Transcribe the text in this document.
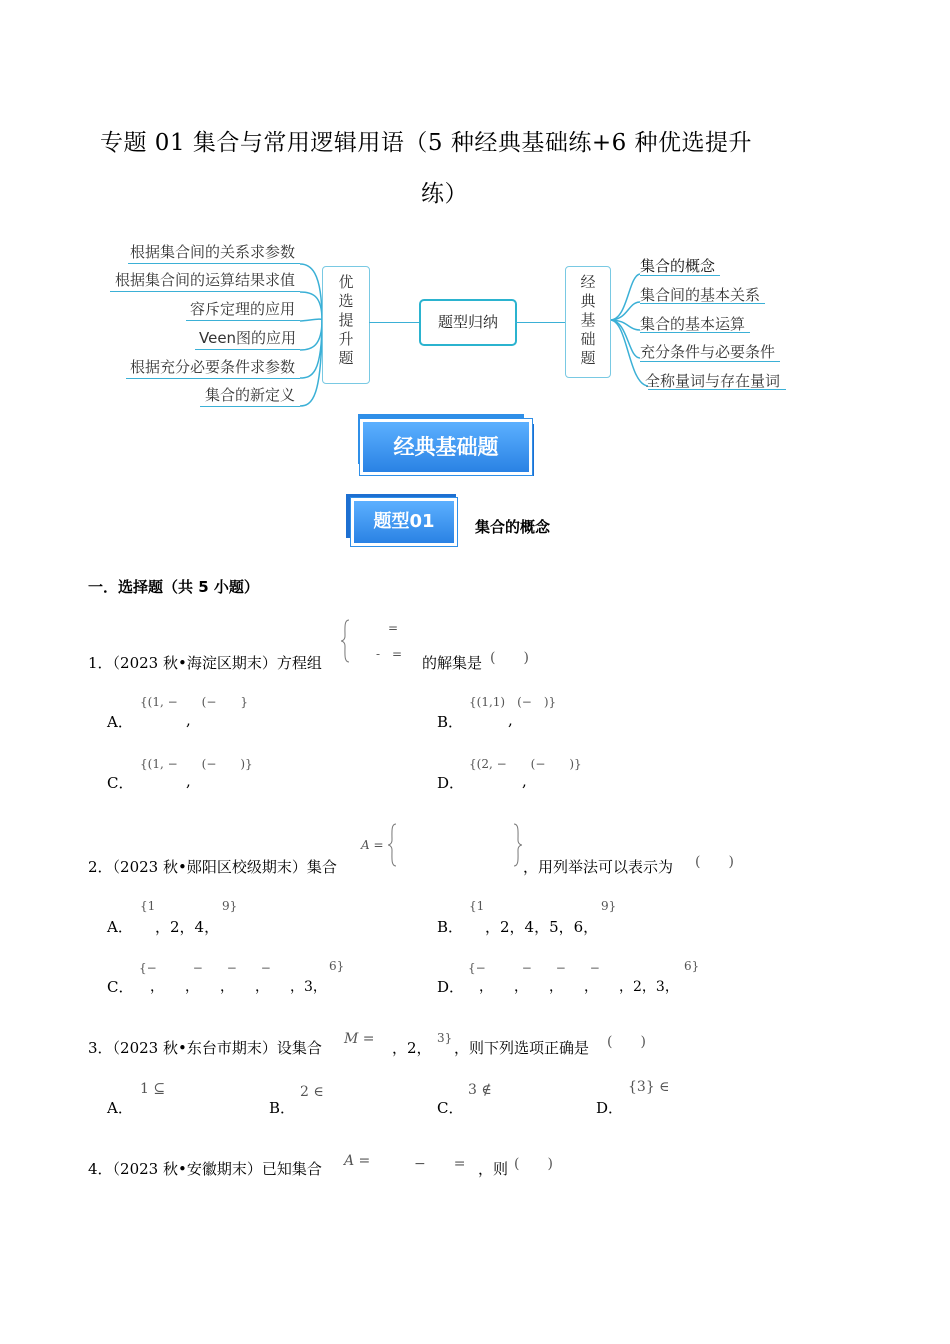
专题 01 集合与常用逻辑用语（5 种经典基础练+6 种优选提升
练）
根据集合间的关系求参数
根据集合间的运算结果求值
容斥定理的应用
Veen图的应用
根据充分必要条件求参数
集合的新定义
优
选
提
升
题
题型归纳
经
典
基
础
题
集合的概念
集合间的基本关系
集合的基本运算
充分条件与必要条件
全称量词与存在量词
经典基础题
题型01	集合的概念
一．选择题（共 5 小题）
1．（2023 秋•海淀区期末）方程组
=
-　= 的解集是 (　　)
A．
{(1, −　　(−　　}
,	B．
{(1,1)　(−　)}
,
C．
{(1, −　　(−　　)}
,	D．
{(2, −　　(−　　)}
,
2．（2023 秋•郧阳区校级期末）集合
A =
，用列举法可以表示为 (　　)
A．
{1
，2，4，
9}
B．
{1
，2，4，5，6，
9}
C．
{−　　　−　　−　　−
，　　，　　，　　，　　，3，
6}
D．
{−　　　−　　−　　−
，　　，　　，　　，　　，2，3，
6}
3．（2023 秋•东台市期末）设集合 M = ，2，
3}
，则下列选项正确是 (　　)
A．
1 ⊆
B．
2 ∈
C．
3 ∉
D．
{3} ∈
4．（2023 秋•安徽期末）已知集合 A =	−　　= ，则 (　　)
